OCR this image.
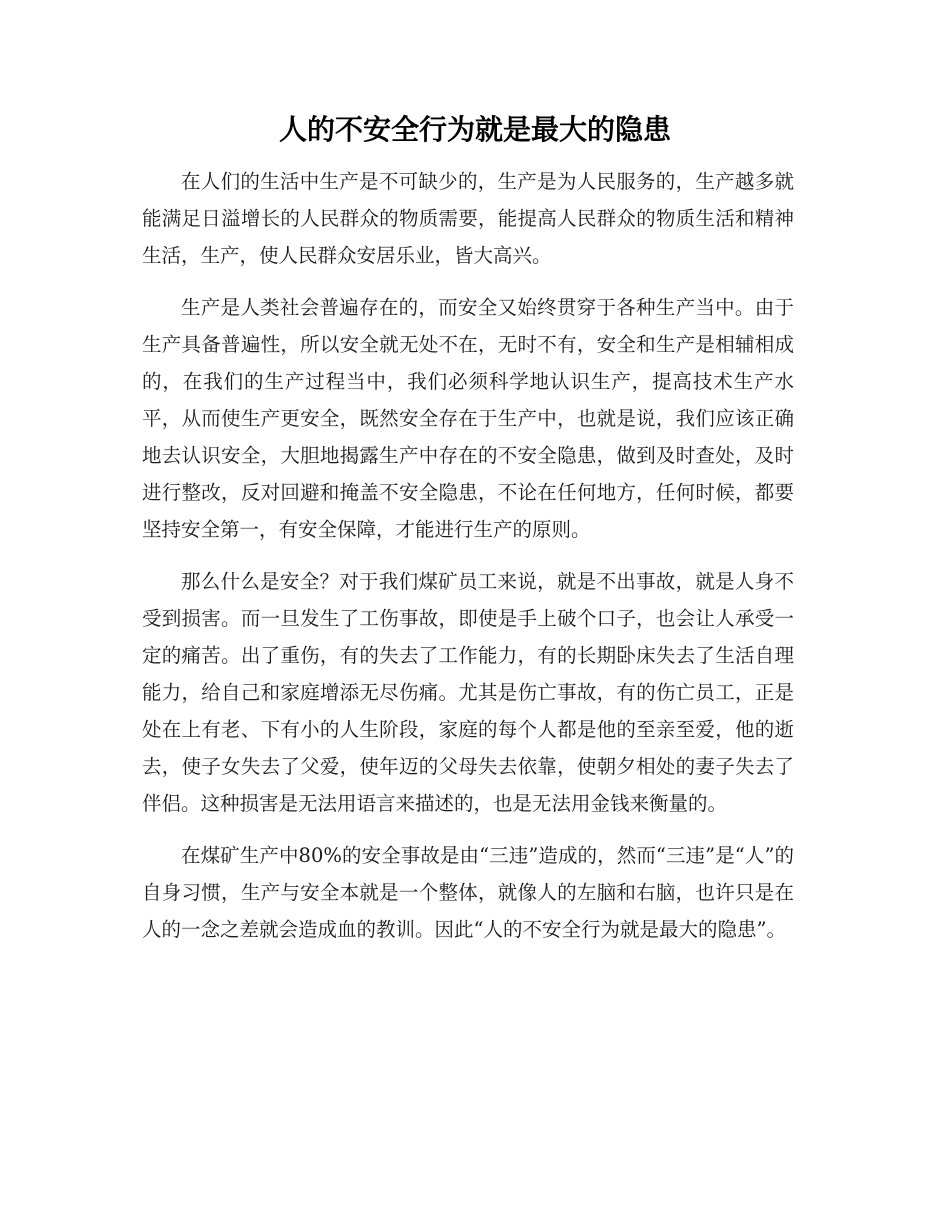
人的不安全行为就是最大的隐患

在人们的生活中生产是不可缺少的，生产是为人民服务的，生产越多就能满足日溢增长的人民群众的物质需要，能提高人民群众的物质生活和精神生活，生产，使人民群众安居乐业，皆大高兴。

生产是人类社会普遍存在的，而安全又始终贯穿于各种生产当中。由于生产具备普遍性，所以安全就无处不在，无时不有，安全和生产是相辅相成的，在我们的生产过程当中，我们必须科学地认识生产，提高技术生产水平，从而使生产更安全，既然安全存在于生产中，也就是说，我们应该正确地去认识安全，大胆地揭露生产中存在的不安全隐患，做到及时查处，及时进行整改，反对回避和掩盖不安全隐患，不论在任何地方，任何时候，都要坚持安全第一，有安全保障，才能进行生产的原则。

那么什么是安全？对于我们煤矿员工来说，就是不出事故，就是人身不受到损害。而一旦发生了工伤事故，即使是手上破个口子，也会让人承受一定的痛苦。出了重伤，有的失去了工作能力，有的长期卧床失去了生活自理能力，给自己和家庭增添无尽伤痛。尤其是伤亡事故，有的伤亡员工，正是处在上有老、下有小的人生阶段，家庭的每个人都是他的至亲至爱，他的逝去，使子女失去了父爱，使年迈的父母失去依靠，使朝夕相处的妻子失去了伴侣。这种损害是无法用语言来描述的，也是无法用金钱来衡量的。

在煤矿生产中80%的安全事故是由“三违”造成的，然而“三违”是“人”的自身习惯，生产与安全本就是一个整体，就像人的左脑和右脑，也许只是在人的一念之差就会造成血的教训。因此“人的不安全行为就是最大的隐患”。
